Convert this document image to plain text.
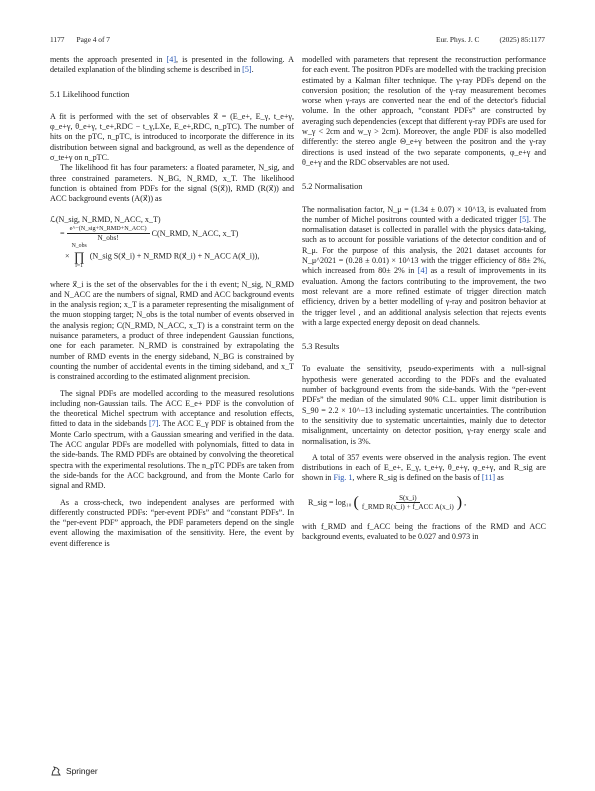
1177 Page 4 of 7	Eur. Phys. J. C	(2025) 85:1177

ments the approach presented in [4], is presented in the following. A detailed explanation of the blinding scheme is described in [5].

5.1 Likelihood function

A fit is performed with the set of observables x⃗ = (E_e+, E_γ, t_e+γ, φ_e+γ, θ_e+γ, t_e+,RDC − t_γ,LXe, E_e+,RDC, n_pTC). The number of hits on the pTC, n_pTC, is introduced to incorporate the difference in its distribution between signal and background, as well as the dependence of σ_te+γ on n_pTC.

The likelihood fit has four parameters: a floated parameter, N_sig, and three constrained parameters. N_BG, N_RMD, x_T. The likelihood function is obtained from PDFs for the signal (S(x⃗)), RMD (R(x⃗)) and ACC background events (A(x⃗)) as

ℒ(N_sig, N_RMD, N_ACC, x_T)
= $\frac{\text{e\textasciicircum{}−(N\_sig+N\_RMD+N\_ACC)}}{\text{N\_obs!}}$ C(N_RMD, N_ACC, x_T)
×
N_obs
∏
i=1
(N_sig S(x⃗_i) + N_RMD R(x⃗_i) + N_ACC A(x⃗_i)),

where x⃗_i is the set of the observables for the i th event; N_sig, N_RMD and N_ACC are the numbers of signal, RMD and ACC background events in the analysis region; x_T is a parameter representing the misalignment of the muon stopping target; N_obs is the total number of events observed in the analysis region; C(N_RMD, N_ACC, x_T) is a constraint term on the nuisance parameters, a product of three independent Gaussian functions, one for each parameter. N_RMD is constrained by extrapolating the number of RMD events in the energy sideband, N_BG is constrained by counting the number of accidental events in the timing sideband, and x_T is constrained according to the estimated alignment precision.

The signal PDFs are modelled according to the measured resolutions including non-Gaussian tails. The ACC E_e+ PDF is the convolution of the theoretical Michel spectrum with acceptance and resolution effects, fitted to data in the sidebands [7]. The ACC E_γ PDF is obtained from the Monte Carlo spectrum, with a Gaussian smearing and verified in the data. The ACC angular PDFs are modelled with polynomials, fitted to data in the side-bands. The RMD PDFs are obtained by convolving the theoretical spectra with the experimental resolutions. The n_pTC PDFs are taken from the side-bands for the ACC background, and from the Monte Carlo for signal and RMD.

As a cross-check, two independent analyses are performed with differently constructed PDFs: “per-event PDFs” and “constant PDFs”. In the “per-event PDF” approach, the PDF parameters depend on the single event allowing the maximisation of the sensitivity. Here, the event by event difference is

modelled with parameters that represent the reconstruction performance for each event. The positron PDFs are modelled with the tracking precision estimated by a Kalman filter technique. The γ-ray PDFs depend on the conversion position; the resolution of the γ-ray measurement becomes worse when γ-rays are converted near the end of the detector's fiducial volume. In the other approach, “constant PDFs” are constructed by averaging such dependencies (except that different γ-ray PDFs are used for w_γ < 2cm and w_γ > 2cm). Moreover, the angle PDF is also modelled differently: the stereo angle Θ_e+γ between the positron and the γ-ray directions is used instead of the two separate components, φ_e+γ and θ_e+γ and the RDC observables are not used.

5.2 Normalisation

The normalisation factor, N_μ = (1.34 ± 0.07) × 10^13, is evaluated from the number of Michel positrons counted with a dedicated trigger [5]. The normalisation dataset is collected in parallel with the physics data-taking, such as to account for possible variations of the detector condition and of R_μ. For the purpose of this analysis, the 2021 dataset accounts for N_μ^2021 = (0.28 ± 0.01) × 10^13 with the trigger efficiency of 88± 2%, which increased from 80± 2% in [4] as a result of improvements in its evaluation. Among the factors contributing to the improvement, the two most relevant are a more refined estimate of trigger direction match efficiency, driven by a better modelling of γ-ray and positron behavior at the trigger level , and an additional analysis selection that rejects events with a large expected energy deposit on dead channels.

5.3 Results

To evaluate the sensitivity, pseudo-experiments with a null-signal hypothesis were generated according to the PDFs and the evaluated number of background events from the side-bands. With the “per-event PDFs” the median of the simulated 90% C.L. upper limit distribution is S_90 = 2.2 × 10^−13 including systematic uncertainties. The contribution to the sensitivity due to systematic uncertainties, mainly due to detector misalignment, uncertainty on detector position, γ-ray energy scale and normalisation, is 3%.

A total of 357 events were observed in the analysis region. The event distributions in each of E_e+, E_γ, t_e+γ, θ_e+γ, φ_e+γ, and R_sig are shown in Fig. 1, where R_sig is defined on the basis of [11] as

R_sig = log₁₀ ( $\frac{S(x\_i)}{\text{f\_RMD R(x\_i) + f\_ACC A(x\_i)}}$ ) ,

with f_RMD and f_ACC being the fractions of the RMD and ACC background events, evaluated to be 0.027 and 0.973 in

Springer
